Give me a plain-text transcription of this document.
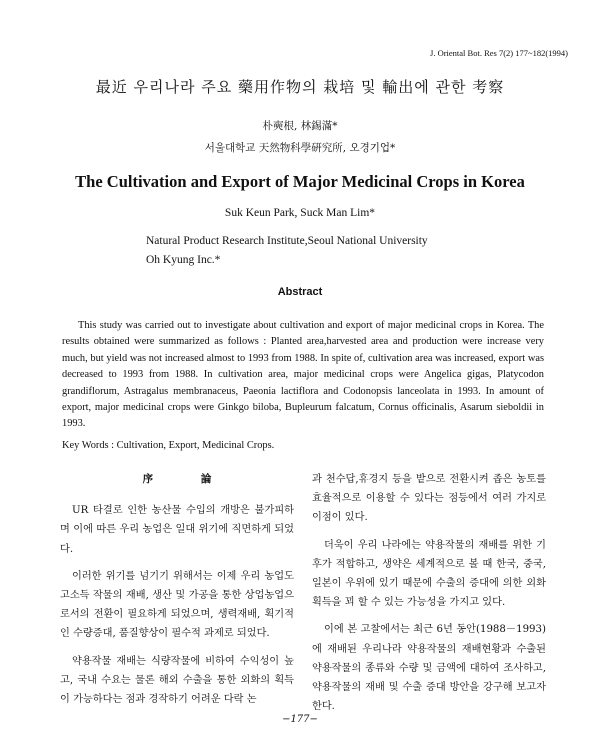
J. Oriental Bot. Res 7(2) 177~182(1994)
最近 우리나라 주요 藥用作物의 栽培 및 輸出에 관한 考察
朴奭根, 林錫滿*
서울대학교 天然物科學硏究所, 오경기업*
The Cultivation and Export of Major Medicinal Crops in Korea
Suk Keun Park, Suck Man Lim*
Natural Product Research Institute,Seoul National University
Oh Kyung Inc.*
Abstract
This study was carried out to investigate about cultivation and export of major medicinal crops in Korea. The results obtained were summarized as follows : Planted area,harvested area and production were increase very much, but yield was not increased almost to 1993 from 1988. In spite of, cultivation area was increased, export was decreased to 1993 from 1988. In cultivation area, major medicinal crops were Angelica gigas, Platycodon grandiflorum, Astragalus membranaceus, Paeonia lactiflora and Codonopsis lanceolata in 1993. In amount of export, major medicinal crops were Ginkgo biloba, Bupleurum falcatum, Cornus officinalis, Asarum sieboldii in 1993.
Key Words : Cultivation, Export, Medicinal Crops.
序 論

UR 타결로 인한 농산물 수입의 개방은 불가피하며 이에 따른 우리 농업은 일대 위기에 직면하게 되었다.

이러한 위기를 넘기기 위해서는 이제 우리 농업도 고소득 작물의 재배, 생산 및 가공을 통한 상업농업으로서의 전환이 필요하게 되었으며, 생력재배, 획기적인 수량증대, 품질향상이 필수적 과제로 되었다.

약용작물 재배는 식량작물에 비하여 수익성이 높고, 국내 수요는 물론 해외 수출을 통한 외화의 획득이 가능하다는 점과 경작하기 어려운 다락 논

과 천수답,휴경지 등을 밭으로 전환시켜 좁은 농토를 효율적으로 이용할 수 있다는 점등에서 여러 가지로 이점이 있다.

더욱이 우리 나라에는 약용작물의 재배를 위한 기후가 적합하고, 생약은 세계적으로 볼 때 한국, 중국, 일본이 우위에 있기 때문에 수출의 증대에 의한 외화 획득을 꾀 할 수 있는 가능성을 가지고 있다.

이에 본 고찰에서는 최근 6년 동안(1988－1993)에 재배된 우리나라 약용작물의 재배현황과 수출된 약용작물의 종류와 수량 및 금액에 대하여 조사하고, 약용작물의 재배 및 수출 증대 방안을 강구해 보고자 한다.

−177−
